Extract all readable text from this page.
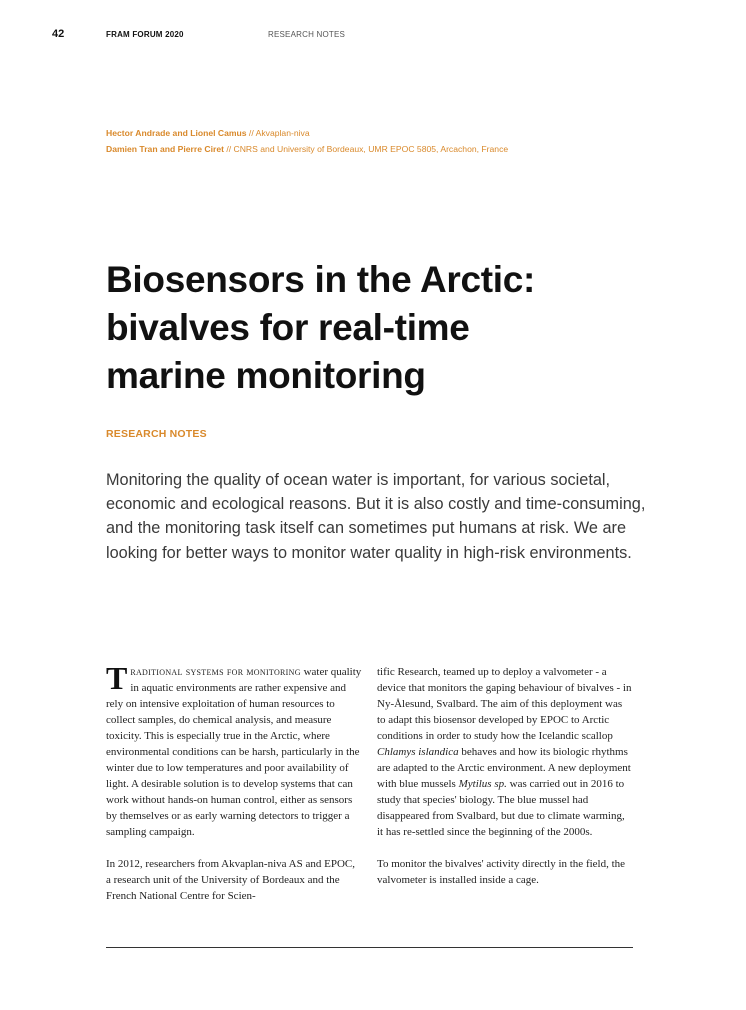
42	FRAM FORUM 2020	RESEARCH NOTES
Hector Andrade and Lionel Camus // Akvaplan-niva
Damien Tran and Pierre Ciret // CNRS and University of Bordeaux, UMR EPOC 5805, Arcachon, France
Biosensors in the Arctic:
bivalves for real-time
marine monitoring
RESEARCH NOTES

Monitoring the quality of ocean water is important, for various societal, economic and ecological reasons. But it is also costly and time-consuming, and the monitoring task itself can sometimes put humans at risk. We are looking for better ways to monitor water quality in high-risk environments.

Traditional systems for monitoring water quality in aquatic environments are rather expensive and rely on intensive exploitation of human resources to collect samples, do chemical analysis, and measure toxicity. This is especially true in the Arctic, where environmental conditions can be harsh, particularly in the winter due to low temperatures and poor availability of light. A desirable solution is to develop systems that can work without hands-on human control, either as sensors by themselves or as early warning detectors to trigger a sampling campaign.

In 2012, researchers from Akvaplan-niva AS and EPOC, a research unit of the University of Bordeaux and the French National Centre for Scien-

tific Research, teamed up to deploy a valvometer - a device that monitors the gaping behaviour of bivalves - in Ny-Ålesund, Svalbard. The aim of this deployment was to adapt this biosensor developed by EPOC to Arctic conditions in order to study how the Icelandic scallop Chlamys islandica behaves and how its biologic rhythms are adapted to the Arctic environment. A new deployment with blue mussels Mytilus sp. was carried out in 2016 to study that species' biology. The blue mussel had disappeared from Svalbard, but due to climate warming, it has re-settled since the beginning of the 2000s.

To monitor the bivalves' activity directly in the field, the valvometer is installed inside a cage.
